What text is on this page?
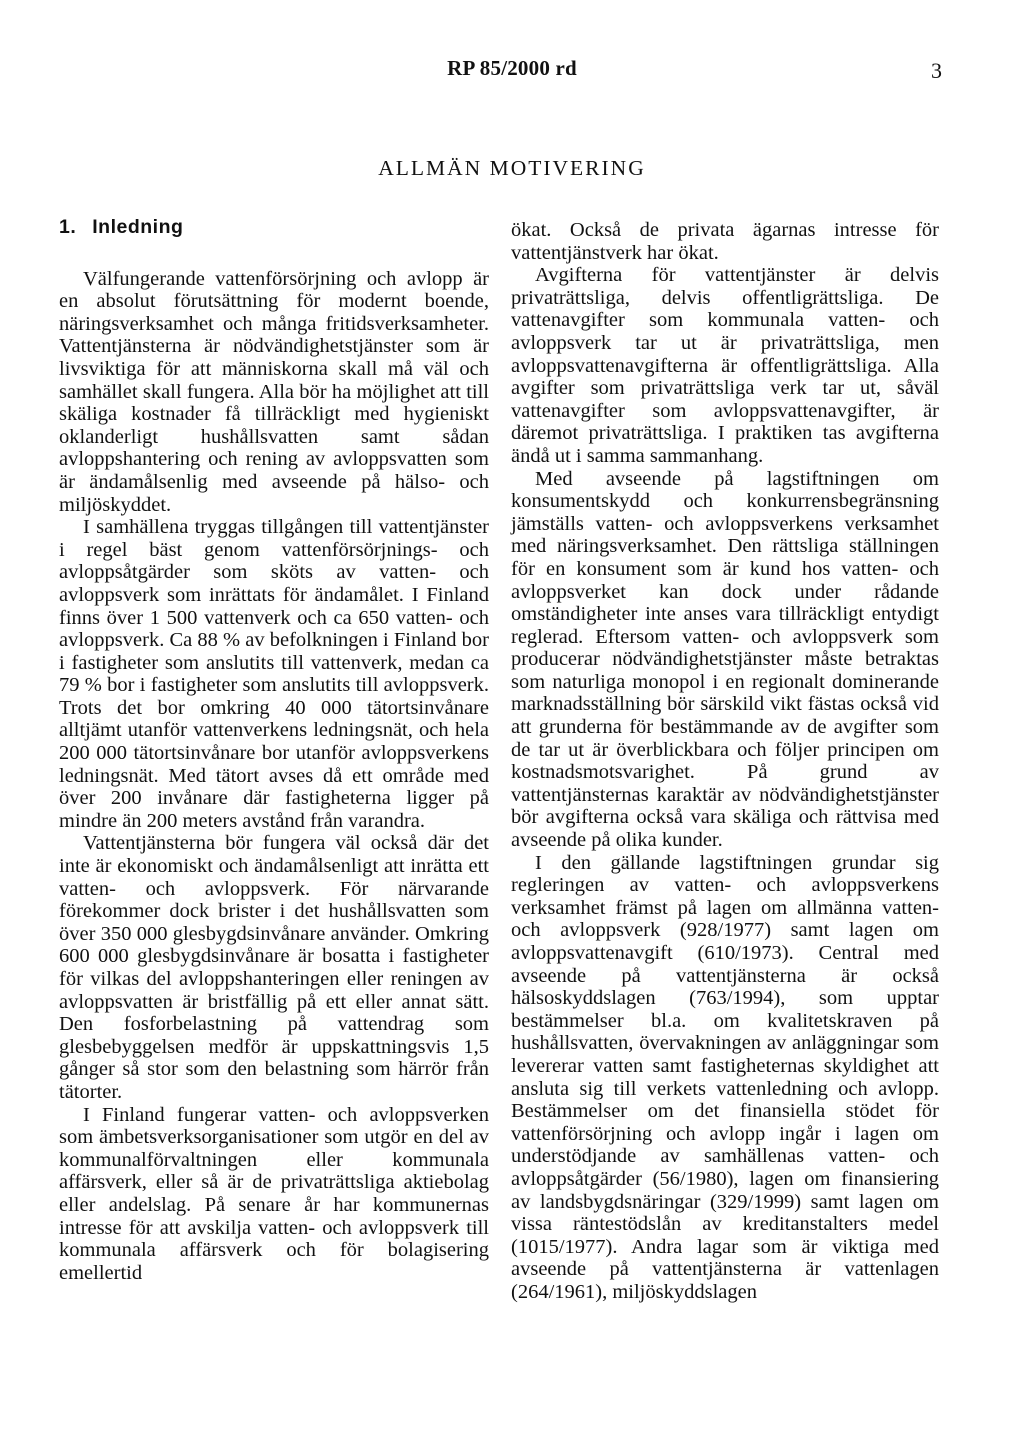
RP 85/2000 rd	3
ALLMÄN MOTIVERING
1. Inledning

Välfungerande vattenförsörjning och avlopp är en absolut förutsättning för modernt boende, näringsverksamhet och många fritidsverksamheter. Vattentjänsterna är nödvändighetstjänster som är livsviktiga för att människorna skall må väl och samhället skall fungera. Alla bör ha möjlighet att till skäliga kostnader få tillräckligt med hygieniskt oklanderligt hushållsvatten samt sådan avloppshantering och rening av avloppsvatten som är ändamålsenlig med avseende på hälso- och miljöskyddet.

I samhällena tryggas tillgången till vattentjänster i regel bäst genom vattenförsörjnings- och avloppsåtgärder som sköts av vatten- och avloppsverk som inrättats för ändamålet. I Finland finns över 1 500 vattenverk och ca 650 vatten- och avloppsverk. Ca 88 % av befolkningen i Finland bor i fastigheter som anslutits till vattenverk, medan ca 79 % bor i fastigheter som anslutits till avloppsverk. Trots det bor omkring 40 000 tätortsinvånare alltjämt utanför vattenverkens ledningsnät, och hela 200 000 tätortsinvånare bor utanför avloppsverkens ledningsnät. Med tätort avses då ett område med över 200 invånare där fastigheterna ligger på mindre än 200 meters avstånd från varandra.

Vattentjänsterna bör fungera väl också där det inte är ekonomiskt och ändamålsenligt att inrätta ett vatten- och avloppsverk. För närvarande förekommer dock brister i det hushållsvatten som över 350 000 glesbygdsinvånare använder. Omkring 600 000 glesbygdsinvånare är bosatta i fastigheter för vilkas del avloppshanteringen eller reningen av avloppsvatten är bristfällig på ett eller annat sätt. Den fosforbelastning på vattendrag som glesbebyggelsen medför är uppskattningsvis 1,5 gånger så stor som den belastning som härrör från tätorter.

I Finland fungerar vatten- och avloppsverken som ämbetsverksorganisationer som utgör en del av kommunalförvaltningen eller kommunala affärsverk, eller så är de privaträttsliga aktiebolag eller andelslag. På senare år har kommunernas intresse för att avskilja vatten- och avloppsverk till kommunala affärsverk och för bolagisering emellertid

ökat. Också de privata ägarnas intresse för vattentjänstverk har ökat.

Avgifterna för vattentjänster är delvis privaträttsliga, delvis offentligrättsliga. De vattenavgifter som kommunala vatten- och avloppsverk tar ut är privaträttsliga, men avloppsvattenavgifterna är offentligrättsliga. Alla avgifter som privaträttsliga verk tar ut, såväl vattenavgifter som avloppsvattenavgifter, är däremot privaträttsliga. I praktiken tas avgifterna ändå ut i samma sammanhang.

Med avseende på lagstiftningen om konsumentskydd och konkurrensbegränsning jämställs vatten- och avloppsverkens verksamhet med näringsverksamhet. Den rättsliga ställningen för en konsument som är kund hos vatten- och avloppsverket kan dock under rådande omständigheter inte anses vara tillräckligt entydigt reglerad. Eftersom vatten- och avloppsverk som producerar nödvändighetstjänster måste betraktas som naturliga monopol i en regionalt dominerande marknadsställning bör särskild vikt fästas också vid att grunderna för bestämmande av de avgifter som de tar ut är överblickbara och följer principen om kostnadsmotsvarighet. På grund av vattentjänsternas karaktär av nödvändighetstjänster bör avgifterna också vara skäliga och rättvisa med avseende på olika kunder.

I den gällande lagstiftningen grundar sig regleringen av vatten- och avloppsverkens verksamhet främst på lagen om allmänna vatten- och avloppsverk (928/1977) samt lagen om avloppsvattenavgift (610/1973). Central med avseende på vattentjänsterna är också hälsoskyddslagen (763/1994), som upptar bestämmelser bl.a. om kvalitetskraven på hushållsvatten, övervakningen av anläggningar som levererar vatten samt fastigheternas skyldighet att ansluta sig till verkets vattenledning och avlopp. Bestämmelser om det finansiella stödet för vattenförsörjning och avlopp ingår i lagen om understödjande av samhällenas vatten- och avloppsåtgärder (56/1980), lagen om finansiering av landsbygdsnäringar (329/1999) samt lagen om vissa räntestödslån av kreditanstalters medel (1015/1977). Andra lagar som är viktiga med avseende på vattentjänsterna är vattenlagen (264/1961), miljöskyddslagen
